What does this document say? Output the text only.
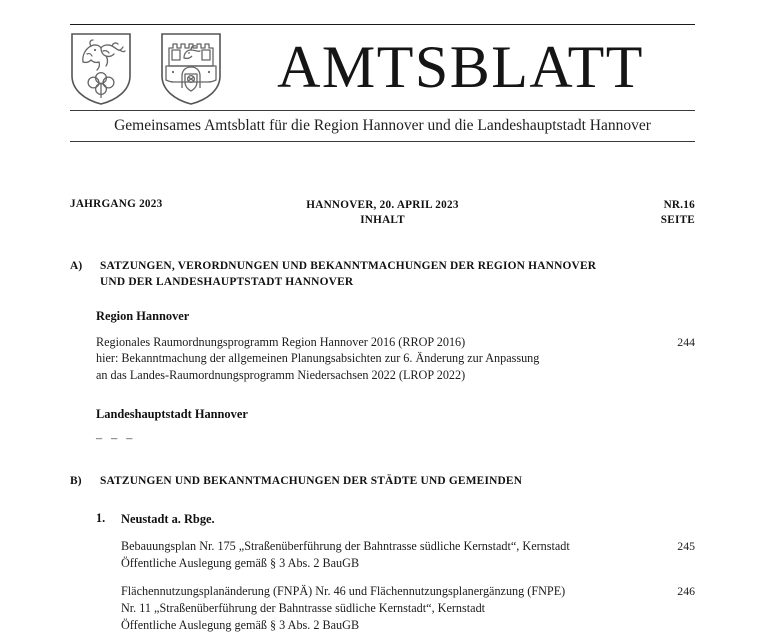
AMTSBLATT
Gemeinsames Amtsblatt für die Region Hannover und die Landeshauptstadt Hannover
JAHRGANG 2023	HANNOVER, 20. APRIL 2023
INHALT
NR.16
SEITE
A) SATZUNGEN, VERORDNUNGEN UND BEKANNTMACHUNGEN DER REGION HANNOVER
UND DER LANDESHAUPTSTADT HANNOVER
Region Hannover
Regionales Raumordnungsprogramm Region Hannover 2016 (RROP 2016)
hier: Bekanntmachung der allgemeinen Planungsabsichten zur 6. Änderung zur Anpassung
an das Landes-Raumordnungsprogramm Niedersachsen 2022 (LROP 2022)
244
Landeshauptstadt Hannover
– – –
B) SATZUNGEN UND BEKANNTMACHUNGEN DER STÄDTE UND GEMEINDEN
1. Neustadt a. Rbge.
Bebauungsplan Nr. 175 „Straßenüberführung der Bahntrasse südliche Kernstadt“, Kernstadt
Öffentliche Auslegung gemäß § 3 Abs. 2 BauGB
245
Flächennutzungsplanänderung (FNPÄ) Nr. 46 und Flächennutzungsplanergänzung (FNPE)
Nr. 11 „Straßenüberführung der Bahntrasse südliche Kernstadt“, Kernstadt
Öffentliche Auslegung gemäß § 3 Abs. 2 BauGB
246
